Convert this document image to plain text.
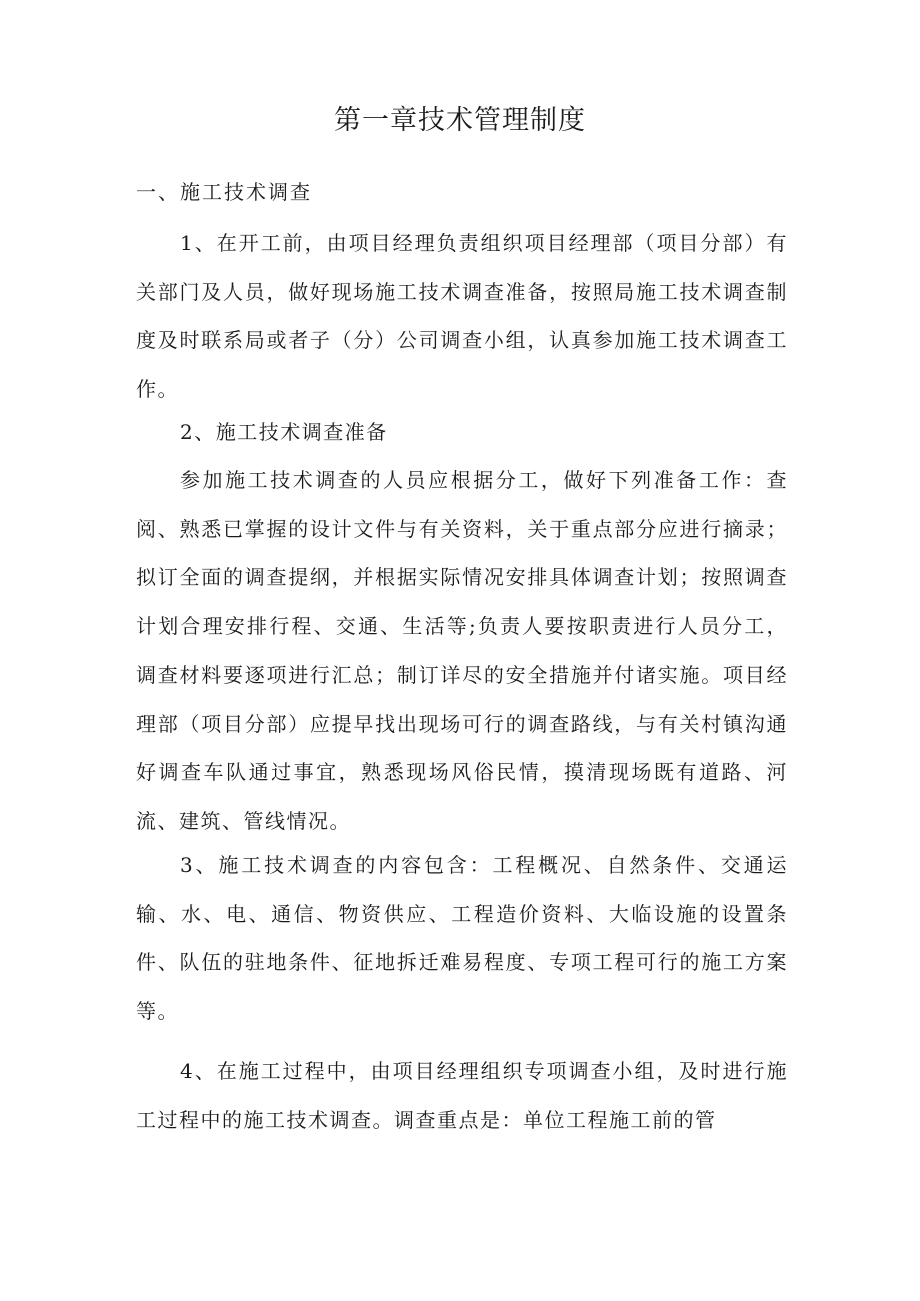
第一章技术管理制度
一、施工技术调查

1、在开工前，由项目经理负责组织项目经理部（项目分部）有关部门及人员，做好现场施工技术调查准备，按照局施工技术调查制度及时联系局或者子（分）公司调查小组，认真参加施工技术调查工作。

2、施工技术调查准备

参加施工技术调查的人员应根据分工，做好下列准备工作：查阅、熟悉已掌握的设计文件与有关资料，关于重点部分应进行摘录；拟订全面的调查提纲，并根据实际情况安排具体调查计划；按照调查计划合理安排行程、交通、生活等;负责人要按职责进行人员分工，调查材料要逐项进行汇总；制订详尽的安全措施并付诸实施。项目经理部（项目分部）应提早找出现场可行的调查路线，与有关村镇沟通好调查车队通过事宜，熟悉现场风俗民情，摸清现场既有道路、河流、建筑、管线情况。

3、施工技术调查的内容包含：工程概况、自然条件、交通运输、水、电、通信、物资供应、工程造价资料、大临设施的设置条件、队伍的驻地条件、征地拆迁难易程度、专项工程可行的施工方案等。

4、在施工过程中，由项目经理组织专项调查小组，及时进行施工过程中的施工技术调查。调查重点是：单位工程施工前的管
